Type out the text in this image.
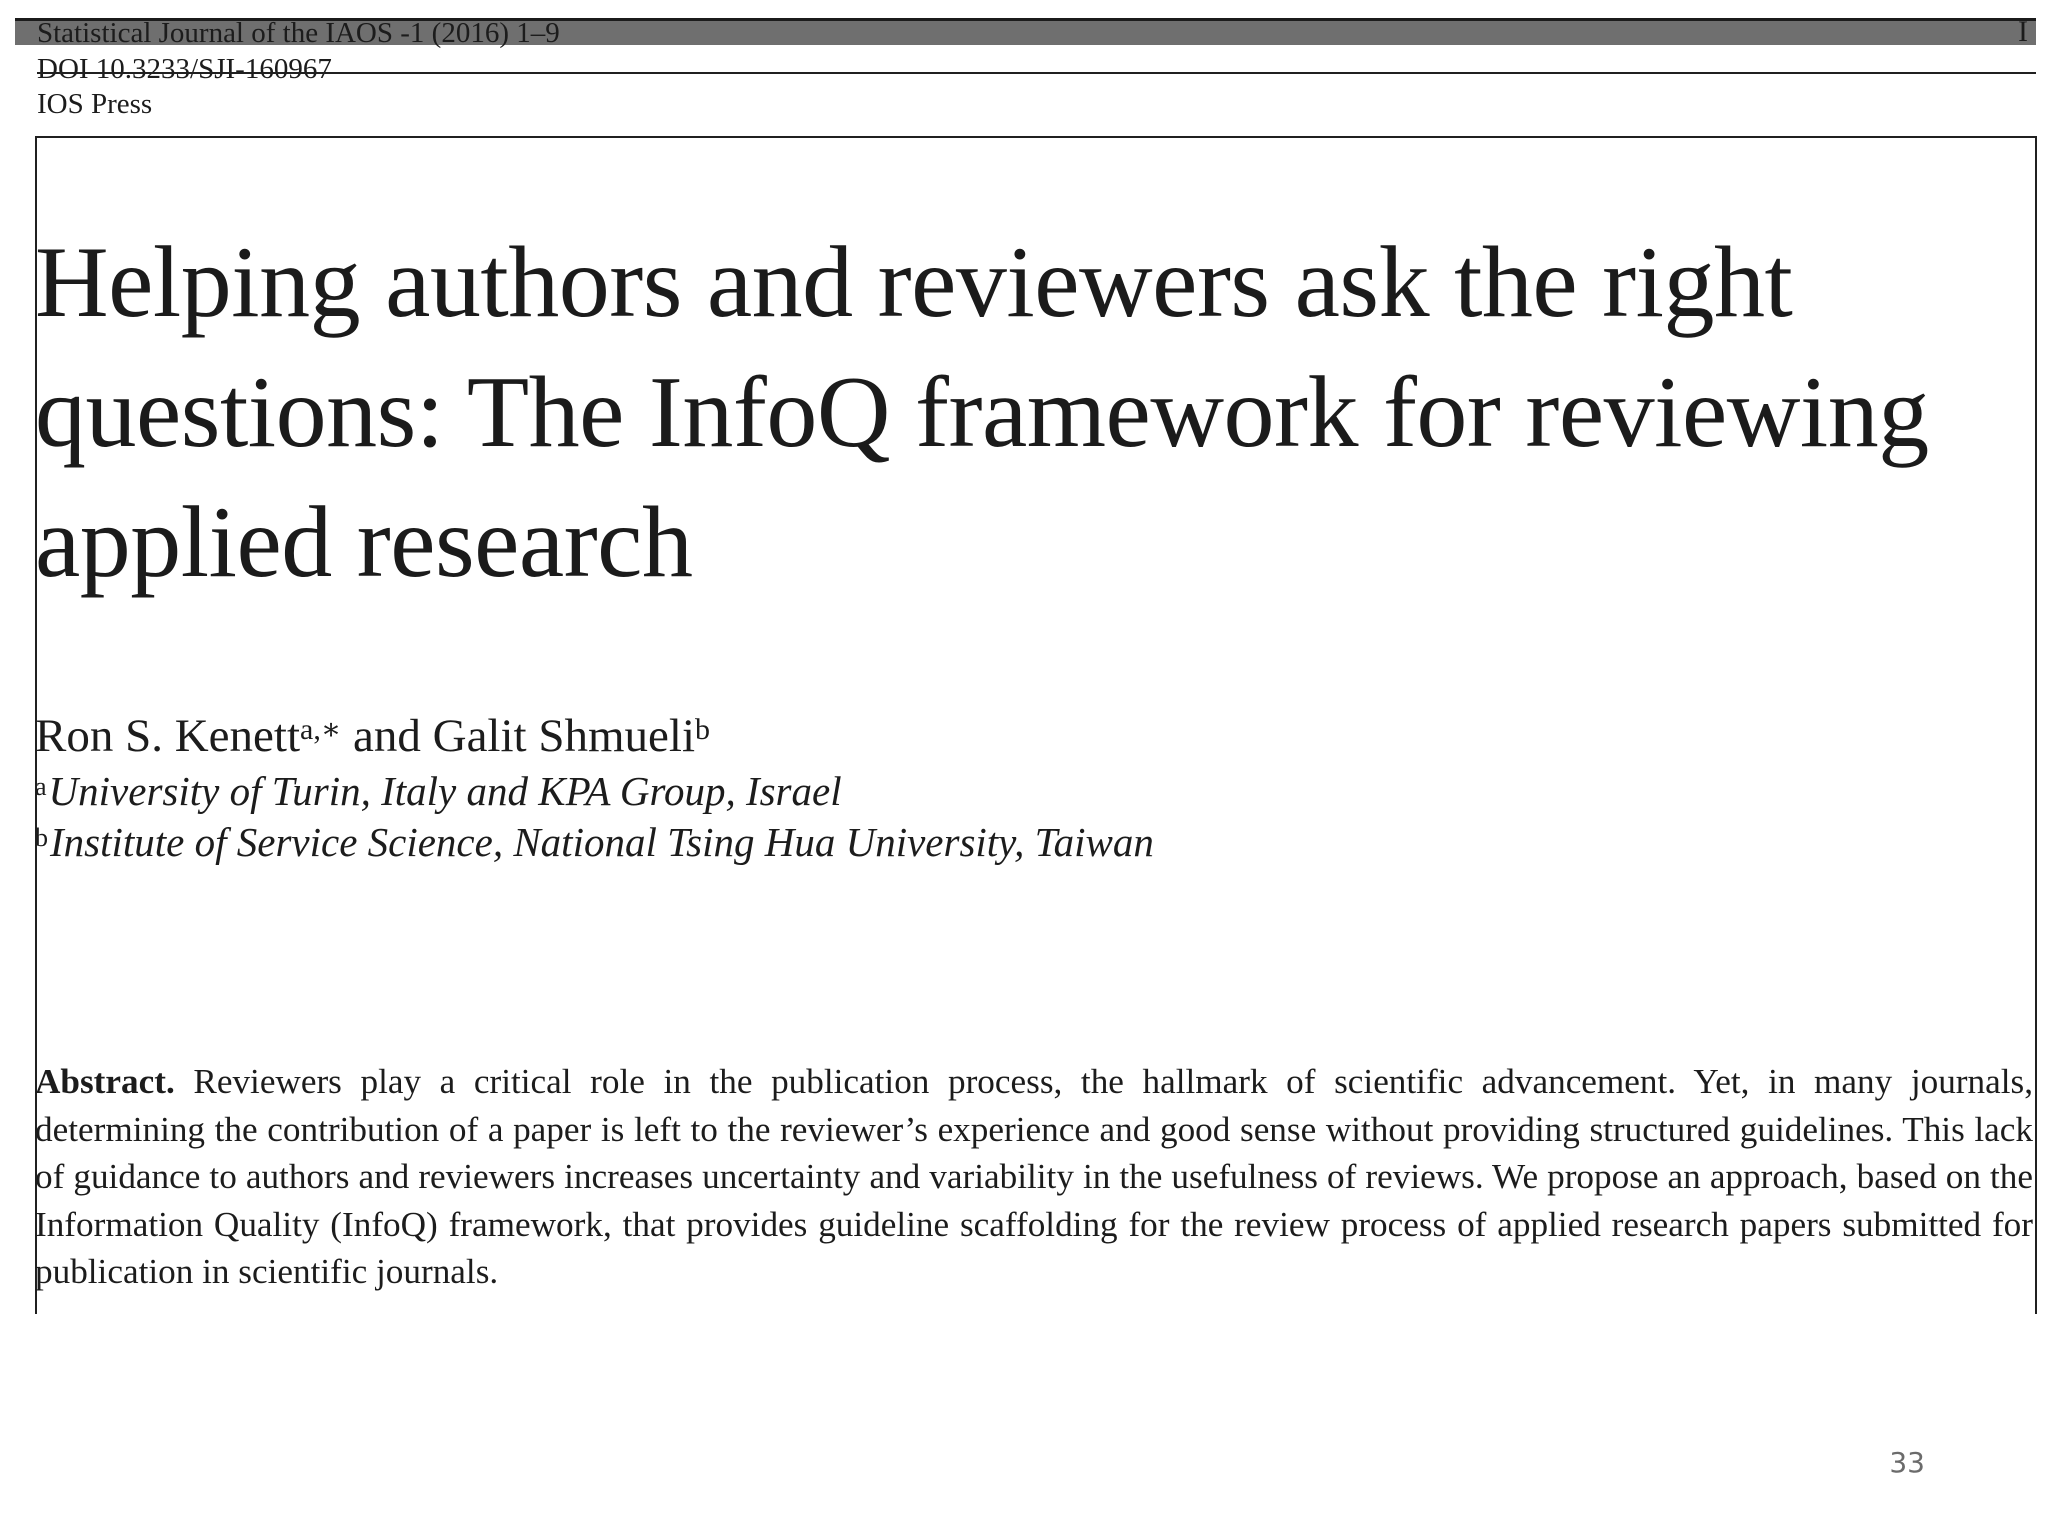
Statistical Journal of the IAOS -1 (2016) 1–9	I
DOI 10.3233/SJI-160967
IOS Press
Helping authors and reviewers ask the right questions: The InfoQ framework for reviewing applied research
Ron S. Kenett$^{a,∗}$ and Galit Shmueli$^b$
$^a$University of Turin, Italy and KPA Group, Israel
$^b$Institute of Service Science, National Tsing Hua University, Taiwan

Abstract. Reviewers play a critical role in the publication process, the hallmark of scientific advancement. Yet, in many journals, determining the contribution of a paper is left to the reviewer’s experience and good sense without providing structured guidelines. This lack of guidance to authors and reviewers increases uncertainty and variability in the usefulness of reviews. We propose an approach, based on the Information Quality (InfoQ) framework, that provides guideline scaffolding for the review process of applied research papers submitted for publication in scientific journals.

33
